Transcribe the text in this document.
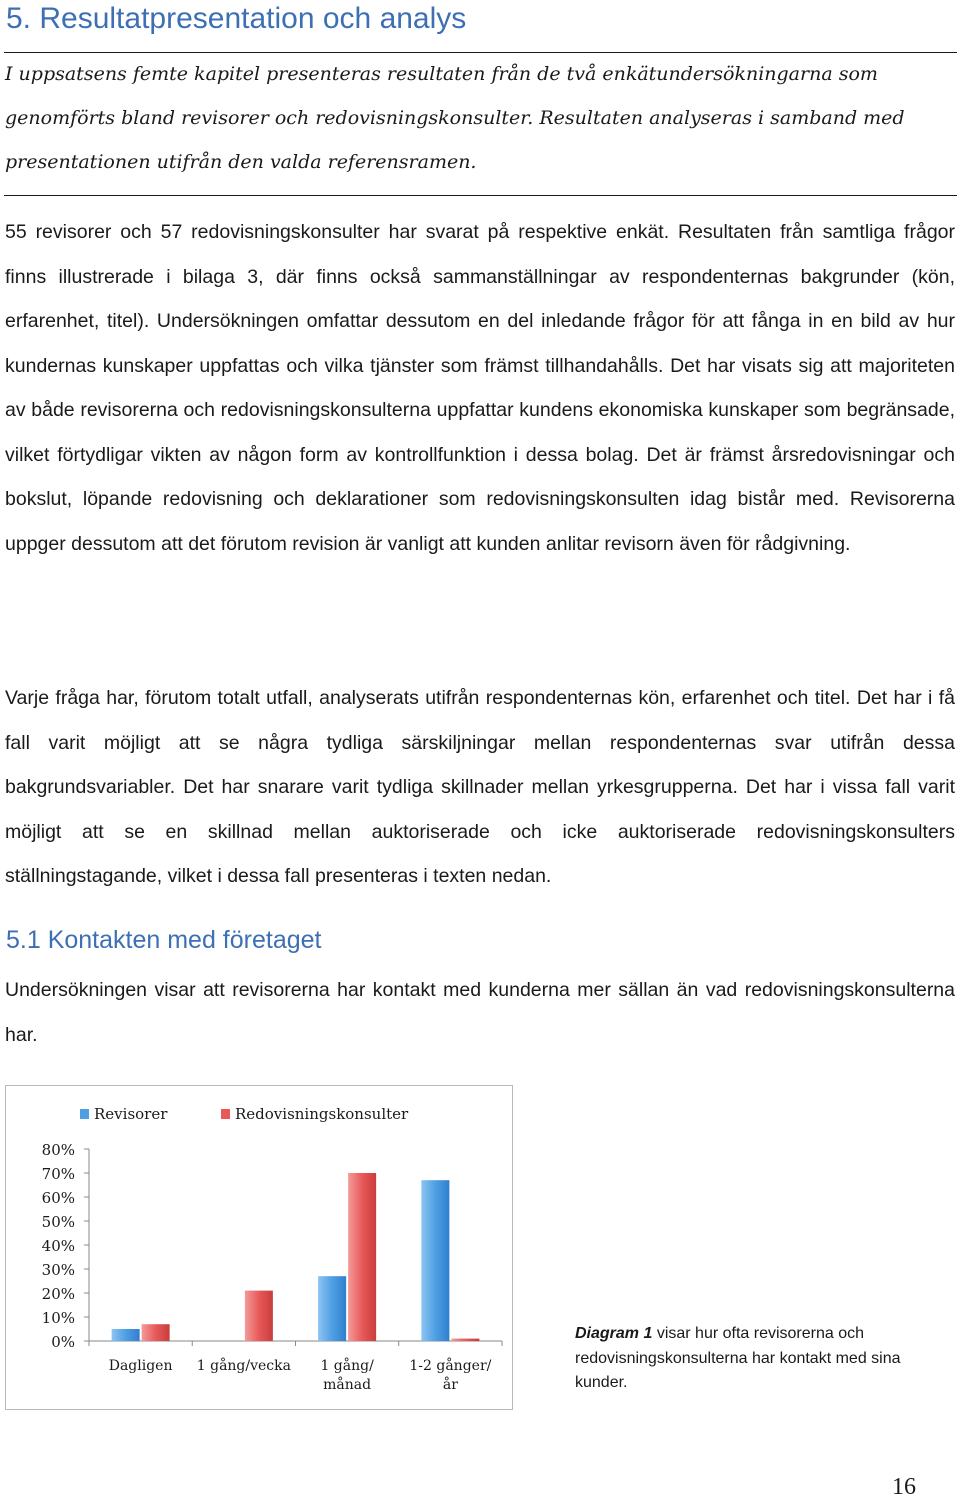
5. Resultatpresentation och analys

I uppsatsens femte kapitel presenteras resultaten från de två enkätundersökningarna som genomförts bland revisorer och redovisningskonsulter. Resultaten analyseras i samband med presentationen utifrån den valda referensramen.

55 revisorer och 57 redovisningskonsulter har svarat på respektive enkät. Resultaten från samtliga frågor finns illustrerade i bilaga 3, där finns också sammanställningar av respondenternas bakgrunder (kön, erfarenhet, titel). Undersökningen omfattar dessutom en del inledande frågor för att fånga in en bild av hur kundernas kunskaper uppfattas och vilka tjänster som främst tillhandahålls. Det har visats sig att majoriteten av både revisorerna och redovisningskonsulterna uppfattar kundens ekonomiska kunskaper som begränsade, vilket förtydligar vikten av någon form av kontrollfunktion i dessa bolag. Det är främst årsredovisningar och bokslut, löpande redovisning och deklarationer som redovisningskonsulten idag bistår med. Revisorerna uppger dessutom att det förutom revision är vanligt att kunden anlitar revisorn även för rådgivning.

Varje fråga har, förutom totalt utfall, analyserats utifrån respondenternas kön, erfarenhet och titel. Det har i få fall varit möjligt att se några tydliga särskiljningar mellan respondenternas svar utifrån dessa bakgrundsvariabler. Det har snarare varit tydliga skillnader mellan yrkesgrupperna. Det har i vissa fall varit möjligt att se en skillnad mellan auktoriserade och icke auktoriserade redovisningskonsulters ställningstagande, vilket i dessa fall presenteras i texten nedan.

5.1 Kontakten med företaget

Undersökningen visar att revisorerna har kontakt med kunderna mer sällan än vad redovisningskonsulterna har.

0%
10%
20%
30%
40%
50%
60%
70%
80%
Dagligen 1 gång/vecka 1 gång/
månad
1-2 gånger/
år
Revisorer	Redovisningskonsulter

Diagram 1 visar hur ofta revisorerna och redovisningskonsulterna har kontakt med sina kunder.

16
